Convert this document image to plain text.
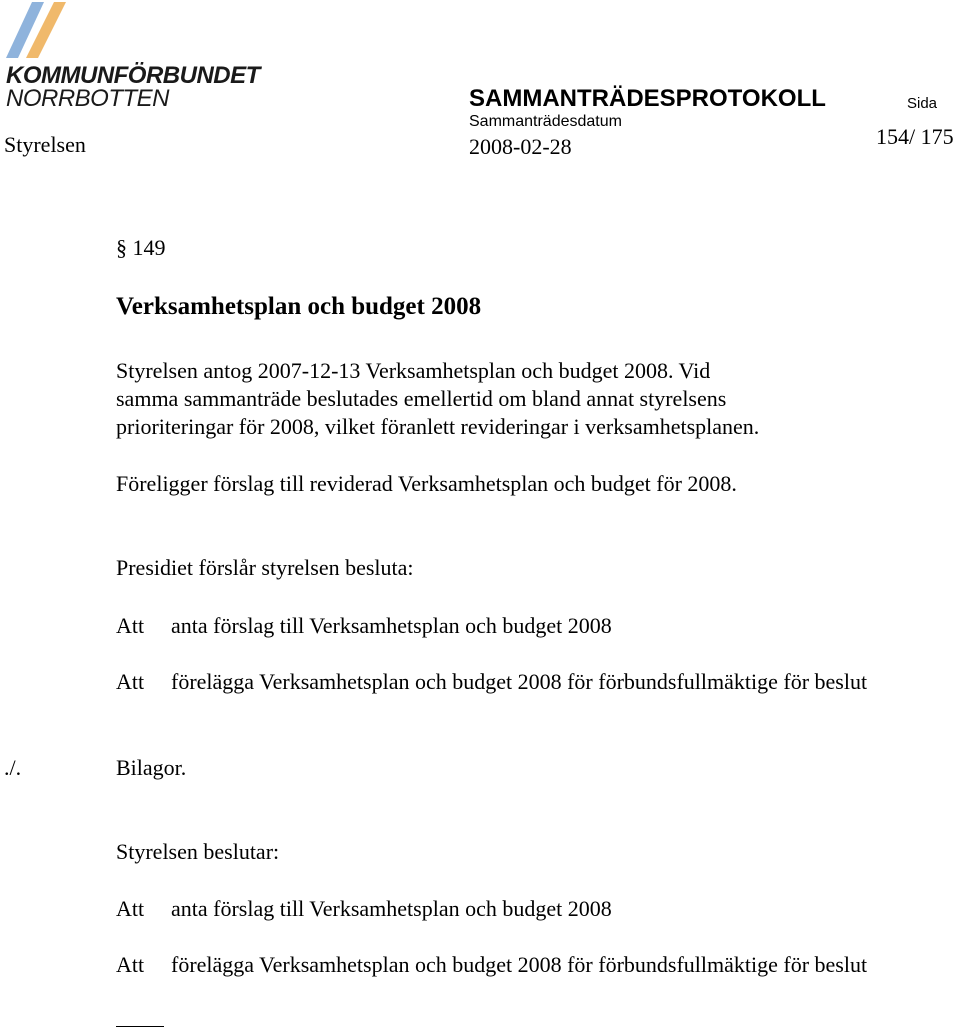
KOMMUNFÖRBUNDET
NORRBOTTEN	SAMMANTRÄDESPROTOKOLL	Sida
Sammanträdesdatum
Styrelsen	2008-02-28	154/ 175
§ 149
Verksamhetsplan och budget 2008
Styrelsen antog 2007-12-13 Verksamhetsplan och budget 2008. Vid
samma sammanträde beslutades emellertid om bland annat styrelsens
prioriteringar för 2008, vilket föranlett revideringar i verksamhetsplanen.
Föreligger förslag till reviderad Verksamhetsplan och budget för 2008.
Presidiet förslår styrelsen besluta:
Att anta förslag till Verksamhetsplan och budget 2008
Att förelägga Verksamhetsplan och budget 2008 för förbundsfullmäktige för beslut
./.	Bilagor.
Styrelsen beslutar:
Att anta förslag till Verksamhetsplan och budget 2008
Att förelägga Verksamhetsplan och budget 2008 för förbundsfullmäktige för beslut
